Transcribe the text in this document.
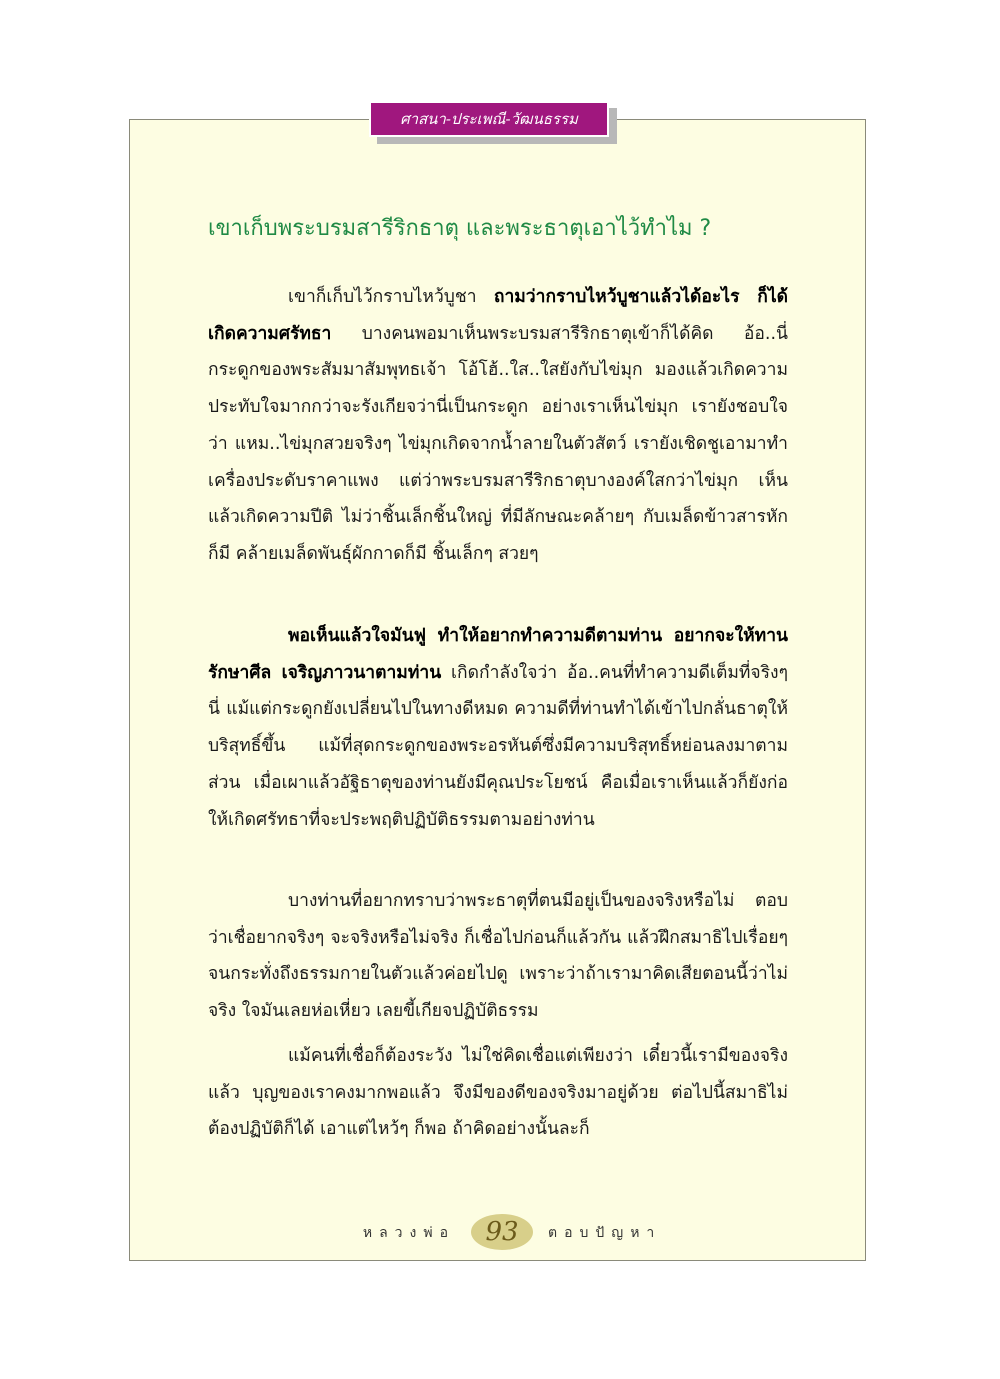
ศาสนา-ประเพณี-วัฒนธรรม
เขาเก็บพระบรมสารีริกธาตุ และพระธาตุเอาไว้ทำไม ?

เขาก็เก็บไว้กราบไหว้บูชา ถามว่ากราบไหว้บูชาแล้วได้อะไร ก็ได้เกิดความศรัทธา บางคนพอมาเห็นพระบรมสารีริกธาตุเข้าก็ได้คิด อ้อ..นี่กระดูกของพระสัมมาสัมพุทธเจ้า โอ้โฮ้..ใส..ใสยังกับไข่มุก มองแล้วเกิดความประทับใจมากกว่าจะรังเกียจว่านี่เป็นกระดูก อย่างเราเห็นไข่มุก เรายังชอบใจว่า แหม..ไข่มุกสวยจริงๆ ไข่มุกเกิดจากน้ำลายในตัวสัตว์ เรายังเชิดชูเอามาทำเครื่องประดับราคาแพง แต่ว่าพระบรมสารีริกธาตุบางองค์ใสกว่าไข่มุก เห็นแล้วเกิดความปีติ ไม่ว่าชิ้นเล็กชิ้นใหญ่ ที่มีลักษณะคล้ายๆ กับเมล็ดข้าวสารหักก็มี คล้ายเมล็ดพันธุ์ผักกาดก็มี ชิ้นเล็กๆ สวยๆ

พอเห็นแล้วใจมันฟู ทำให้อยากทำความดีตามท่าน อยากจะให้ทาน รักษาศีล เจริญภาวนาตามท่าน เกิดกำลังใจว่า อ้อ..คนที่ทำความดีเต็มที่จริงๆ นี่ แม้แต่กระดูกยังเปลี่ยนไปในทางดีหมด ความดีที่ท่านทำได้เข้าไปกลั่นธาตุให้บริสุทธิ์ขึ้น แม้ที่สุดกระดูกของพระอรหันต์ซึ่งมีความบริสุทธิ์หย่อนลงมาตามส่วน เมื่อเผาแล้วอัฐิธาตุของท่านยังมีคุณประโยชน์ คือเมื่อเราเห็นแล้วก็ยังก่อให้เกิดศรัทธาที่จะประพฤติปฏิบัติธรรมตามอย่างท่าน

บางท่านที่อยากทราบว่าพระธาตุที่ตนมีอยู่เป็นของจริงหรือไม่ ตอบว่าเชื่อยากจริงๆ จะจริงหรือไม่จริง ก็เชื่อไปก่อนก็แล้วกัน แล้วฝึกสมาธิไปเรื่อยๆ จนกระทั่งถึงธรรมกายในตัวแล้วค่อยไปดู เพราะว่าถ้าเรามาคิดเสียตอนนี้ว่าไม่จริง ใจมันเลยห่อเหี่ยว เลยขี้เกียจปฏิบัติธรรม

แม้คนที่เชื่อก็ต้องระวัง ไม่ใช่คิดเชื่อแต่เพียงว่า เดี๋ยวนี้เรามีของจริงแล้ว บุญของเราคงมากพอแล้ว จึงมีของดีของจริงมาอยู่ด้วย ต่อไปนี้สมาธิไม่ต้องปฏิบัติก็ได้ เอาแต่ไหว้ๆ ก็พอ ถ้าคิดอย่างนั้นละก็

หลวงพ่อ	93	ตอบปัญหา
